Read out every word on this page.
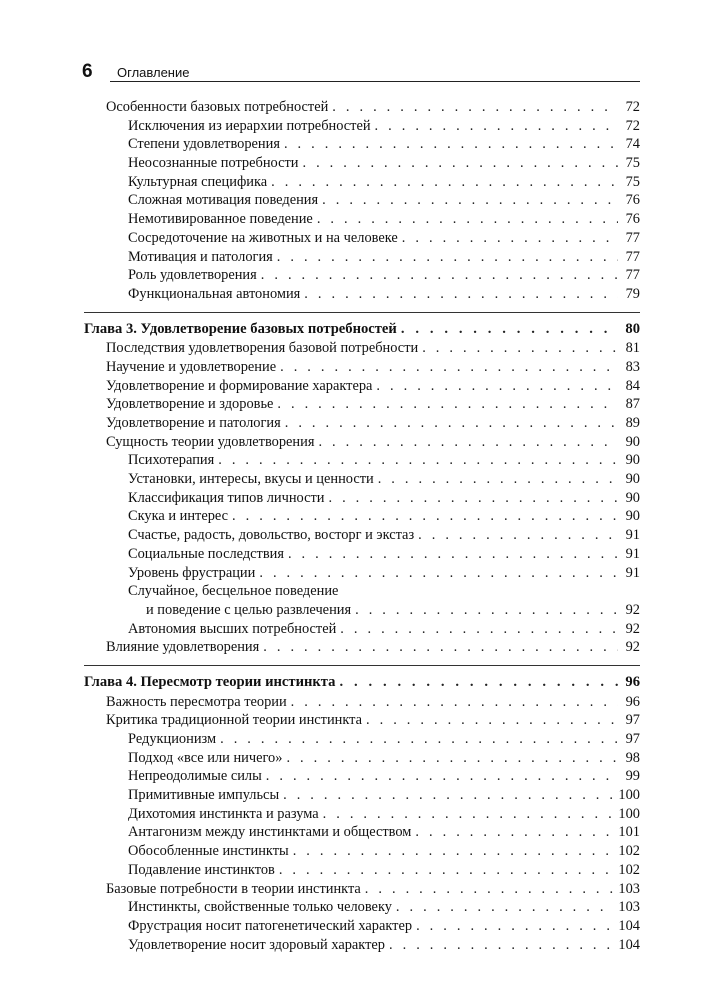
6 Оглавление
Особенности базовых потребностей . . .	72
Исключения из иерархии потребностей . . .	72
Степени удовлетворения . . .	74
Неосознанные потребности . . .	75
Культурная специфика . . .	75
Сложная мотивация поведения . . .	76
Немотивированное поведение . . .	76
Сосредоточение на животных и на человеке . . .	77
Мотивация и патология . . .	77
Роль удовлетворения . . .	77
Функциональная автономия . . .	79
Глава 3. Удовлетворение базовых потребностей . . .	80
Последствия удовлетворения базовой потребности . . .	81
Научение и удовлетворение . . .	83
Удовлетворение и формирование характера . . .	84
Удовлетворение и здоровье . . .	87
Удовлетворение и патология . . .	89
Сущность теории удовлетворения . . .	90
Психотерапия . . .	90
Установки, интересы, вкусы и ценности . . .	90
Классификация типов личности . . .	90
Скука и интерес . . .	90
Счастье, радость, довольство, восторг и экстаз . . .	91
Социальные последствия . . .	91
Уровень фрустрации . . .	91
Случайное, бесцельное поведение
и поведение с целью развлечения . . .	92
Автономия высших потребностей . . .	92
Влияние удовлетворения . . .	92
Глава 4. Пересмотр теории инстинкта . . .	96
Важность пересмотра теории . . .	96
Критика традиционной теории инстинкта . . .	97
Редукционизм . . .	97
Подход «все или ничего» . . .	98
Непреодолимые силы . . .	99
Примитивные импульсы . . .	100
Дихотомия инстинкта и разума . . .	100
Антагонизм между инстинктами и обществом . . .	101
Обособленные инстинкты . . .	102
Подавление инстинктов . . .	102
Базовые потребности в теории инстинкта . . .	103
Инстинкты, свойственные только человеку . . .	103
Фрустрация носит патогенетический характер . . .	104
Удовлетворение носит здоровый характер . . .	104
